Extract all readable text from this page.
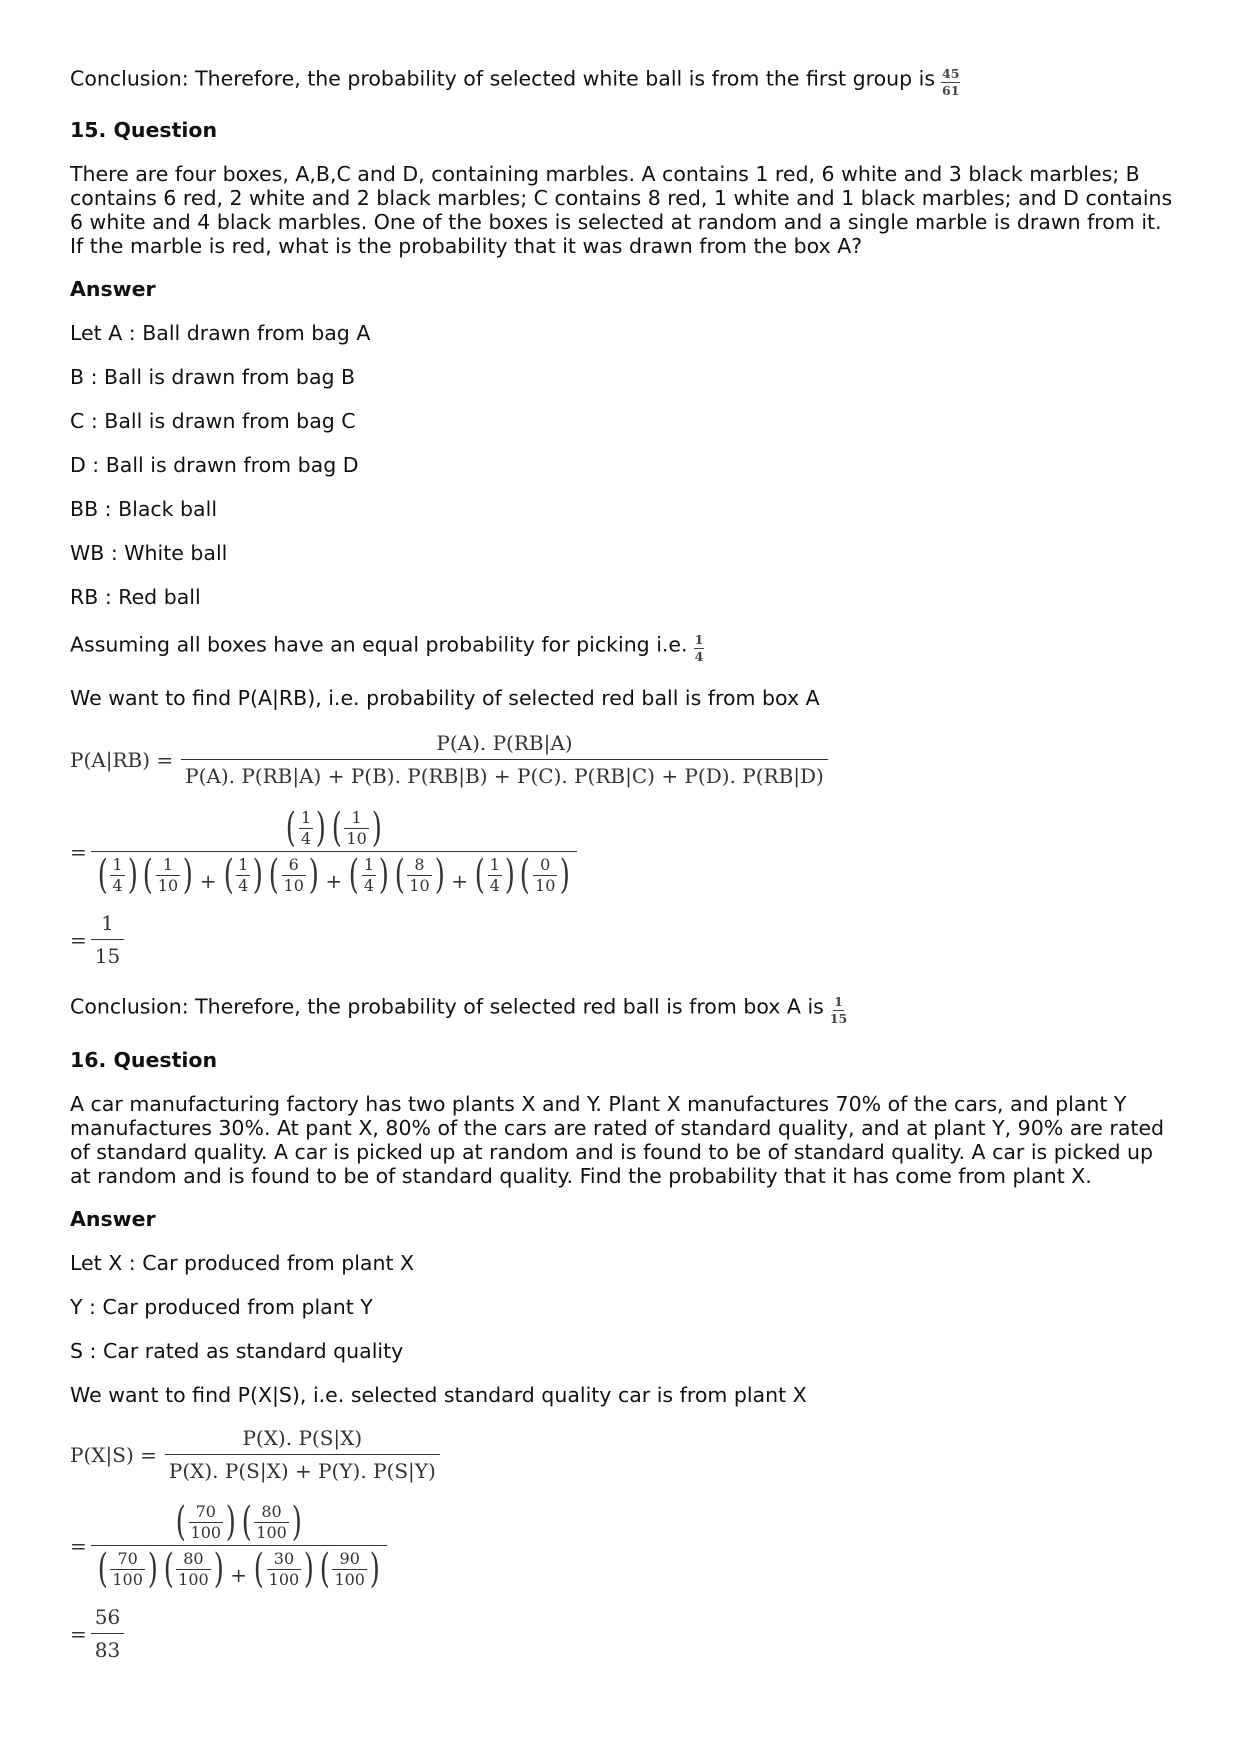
Conclusion: Therefore, the probability of selected white ball is from the first group is $\frac{45}{61}$
15. Question
There are four boxes, A,B,C and D, containing marbles. A contains 1 red, 6 white and 3 black marbles; B contains 6 red, 2 white and 2 black marbles; C contains 8 red, 1 white and 1 black marbles; and D contains 6 white and 4 black marbles. One of the boxes is selected at random and a single marble is drawn from it. If the marble is red, what is the probability that it was drawn from the box A?
Answer
Let A : Ball drawn from bag A
B : Ball is drawn from bag B
C : Ball is drawn from bag C
D : Ball is drawn from bag D
BB : Black ball
WB : White ball
RB : Red ball
Assuming all boxes have an equal probability for picking i.e. $\frac{1}{4}$
We want to find P(A|RB), i.e. probability of selected red ball is from box A
P(A|RB) =
P(A). P(RB|A)
P(A). P(RB|A) + P(B). P(RB|B) + P(C). P(RB|C) + P(D). P(RB|D)
= $\frac{( \frac{1}{4} ) ( \frac{1}{10} )}{( \frac{1}{4} ) ( \frac{1}{10} ) + ( \frac{1}{4} ) ( \frac{6}{10} ) + ( \frac{1}{4} ) ( \frac{8}{10} ) + ( \frac{1}{4} ) ( \frac{0}{10} )}$
= $\frac{1}{15}$
Conclusion: Therefore, the probability of selected red ball is from box A is $\frac{1}{15}$
16. Question
A car manufacturing factory has two plants X and Y. Plant X manufactures 70% of the cars, and plant Y manufactures 30%. At pant X, 80% of the cars are rated of standard quality, and at plant Y, 90% are rated of standard quality. A car is picked up at random and is found to be of standard quality. A car is picked up at random and is found to be of standard quality. Find the probability that it has come from plant X.
Answer
Let X : Car produced from plant X
Y : Car produced from plant Y
S : Car rated as standard quality
We want to find P(X|S), i.e. selected standard quality car is from plant X
$P(X|S) = \frac{P(X). P(S|X)}{P(X). P(S|X) + P(Y). P(S|Y)}$
= $\frac{( \frac{70}{100} ) ( \frac{80}{100} )}{( \frac{70}{100} ) ( \frac{80}{100} ) + ( \frac{30}{100} ) ( \frac{90}{100} )}$
= $\frac{56}{83}$
